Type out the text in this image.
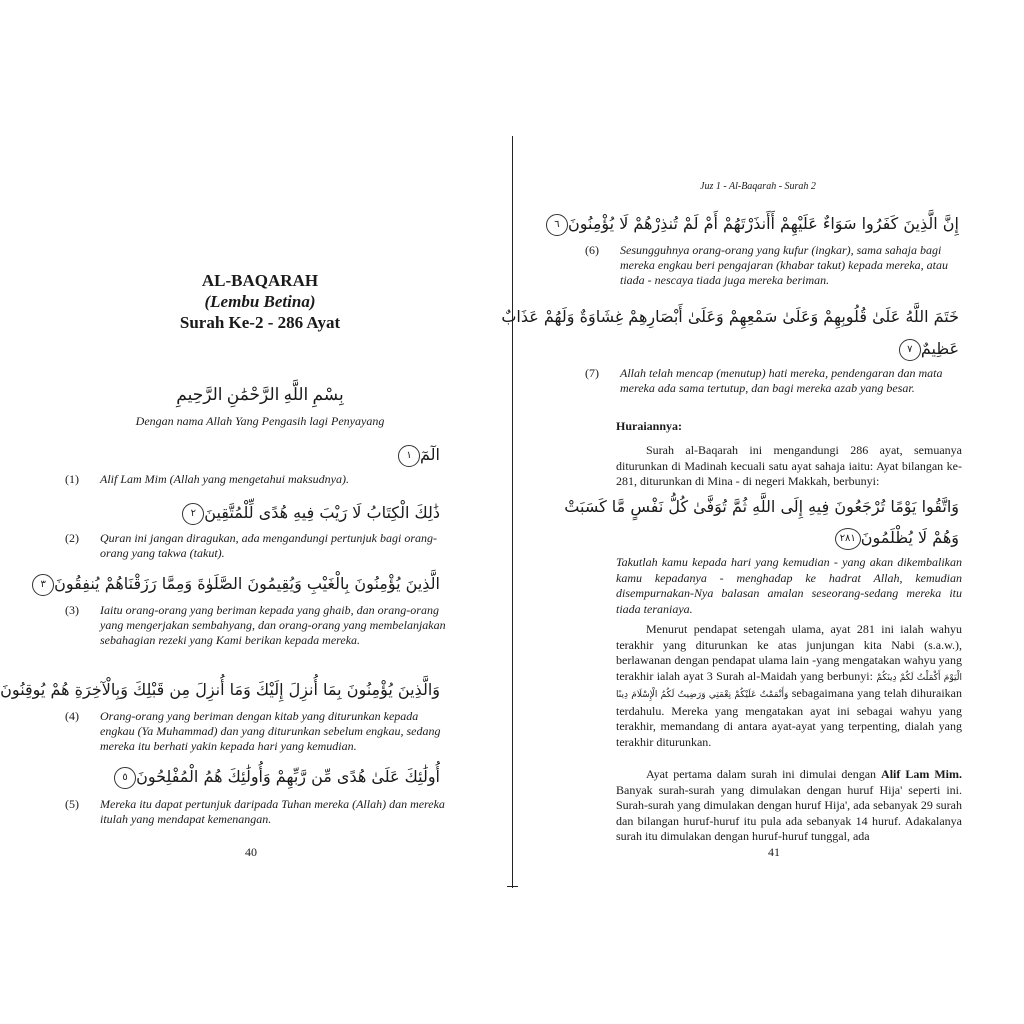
AL-BAQARAH
(Lembu Betina)
Surah Ke-2 - 286 Ayat
بِسْمِ اللَّهِ الرَّحْمَٰنِ الرَّحِيمِ
Dengan nama Allah Yang Pengasih lagi Penyayang
الٓمٓ١
(1) Alif Lam Mim (Allah yang mengetahui maksudnya).
ذَٰلِكَ الْكِتَابُ لَا رَيْبَ فِيهِ هُدًى لِّلْمُتَّقِينَ٢
(2) Quran ini jangan diragukan, ada mengandungi pertunjuk bagi orang-orang yang takwa (takut).
الَّذِينَ يُؤْمِنُونَ بِالْغَيْبِ وَيُقِيمُونَ الصَّلَوٰةَ وَمِمَّا رَزَقْنَاهُمْ يُنفِقُونَ٣
(3) Iaitu orang-orang yang beriman kepada yang ghaib, dan orang-orang yang mengerjakan sembahyang, dan orang-orang yang membelanjakan sebahagian rezeki yang Kami berikan kepada mereka.
وَالَّذِينَ يُؤْمِنُونَ بِمَا أُنزِلَ إِلَيْكَ وَمَا أُنزِلَ مِن قَبْلِكَ وَبِالْآخِرَةِ هُمْ يُوقِنُونَ
(4) Orang-orang yang beriman dengan kitab yang diturunkan kepada engkau (Ya Muhammad) dan yang diturunkan sebelum engkau, sedang mereka itu berhati yakin kepada hari yang kemudian.
أُولَٰئِكَ عَلَىٰ هُدًى مِّن رَّبِّهِمْ وَأُولَٰئِكَ هُمُ الْمُفْلِحُونَ٥
(5) Mereka itu dapat pertunjuk daripada Tuhan mereka (Allah) dan mereka itulah yang mendapat kemenangan.
40
Juz 1 - Al-Baqarah - Surah 2
إِنَّ الَّذِينَ كَفَرُوا سَوَاءٌ عَلَيْهِمْ أَأَنذَرْتَهُمْ أَمْ لَمْ تُنذِرْهُمْ لَا يُؤْمِنُونَ٦
(6) Sesungguhnya orang-orang yang kufur (ingkar), sama sahaja bagi mereka engkau beri pengajaran (khabar takut) kepada mereka, atau tiada - nescaya tiada juga mereka beriman.
خَتَمَ اللَّهُ عَلَىٰ قُلُوبِهِمْ وَعَلَىٰ سَمْعِهِمْ وَعَلَىٰ أَبْصَارِهِمْ غِشَاوَةٌ وَلَهُمْ عَذَابٌ
عَظِيمٌ٧
(7) Allah telah mencap (menutup) hati mereka, pendengaran dan mata mereka ada sama tertutup, dan bagi mereka azab yang besar.
Huraiannya:
Surah al-Baqarah ini mengandungi 286 ayat, semuanya diturunkan di Madinah kecuali satu ayat sahaja iaitu: Ayat bilangan ke-281, diturunkan di Mina - di negeri Makkah, berbunyi:
وَاتَّقُوا يَوْمًا تُرْجَعُونَ فِيهِ إِلَى اللَّهِ ثُمَّ تُوَفَّىٰ كُلُّ نَفْسٍ مَّا كَسَبَتْ
وَهُمْ لَا يُظْلَمُونَ٢٨١
Takutlah kamu kepada hari yang kemudian - yang akan dikembalikan kamu kepadanya - menghadap ke hadrat Allah, kemudian disempurnakan-Nya balasan amalan seseorang-sedang mereka itu tiada teraniaya.
Menurut pendapat setengah ulama, ayat 281 ini ialah wahyu terakhir yang diturunkan ke atas junjungan kita Nabi (s.a.w.), berlawanan dengan pendapat ulama lain -yang mengatakan wahyu yang terakhir ialah ayat 3 Surah al-Maidah yang berbunyi: الْيَوْمَ أَكْمَلْتُ لَكُمْ دِينَكُمْ وَأَتْمَمْتُ عَلَيْكُمْ نِعْمَتِي وَرَضِيتُ لَكُمُ الْإِسْلَامَ دِينًا sebagaimana yang telah dihuraikan terdahulu. Mereka yang mengatakan ayat ini sebagai wahyu yang terakhir, memandang di antara ayat-ayat yang terpenting, dialah yang terakhir diturunkan.
Ayat pertama dalam surah ini dimulai dengan Alif Lam Mim. Banyak surah-surah yang dimulakan dengan huruf Hija' seperti ini. Surah-surah yang dimulakan dengan huruf Hija', ada sebanyak 29 surah dan bilangan huruf-huruf itu pula ada sebanyak 14 huruf. Adakalanya surah itu dimulakan dengan huruf-huruf tunggal, ada
41
